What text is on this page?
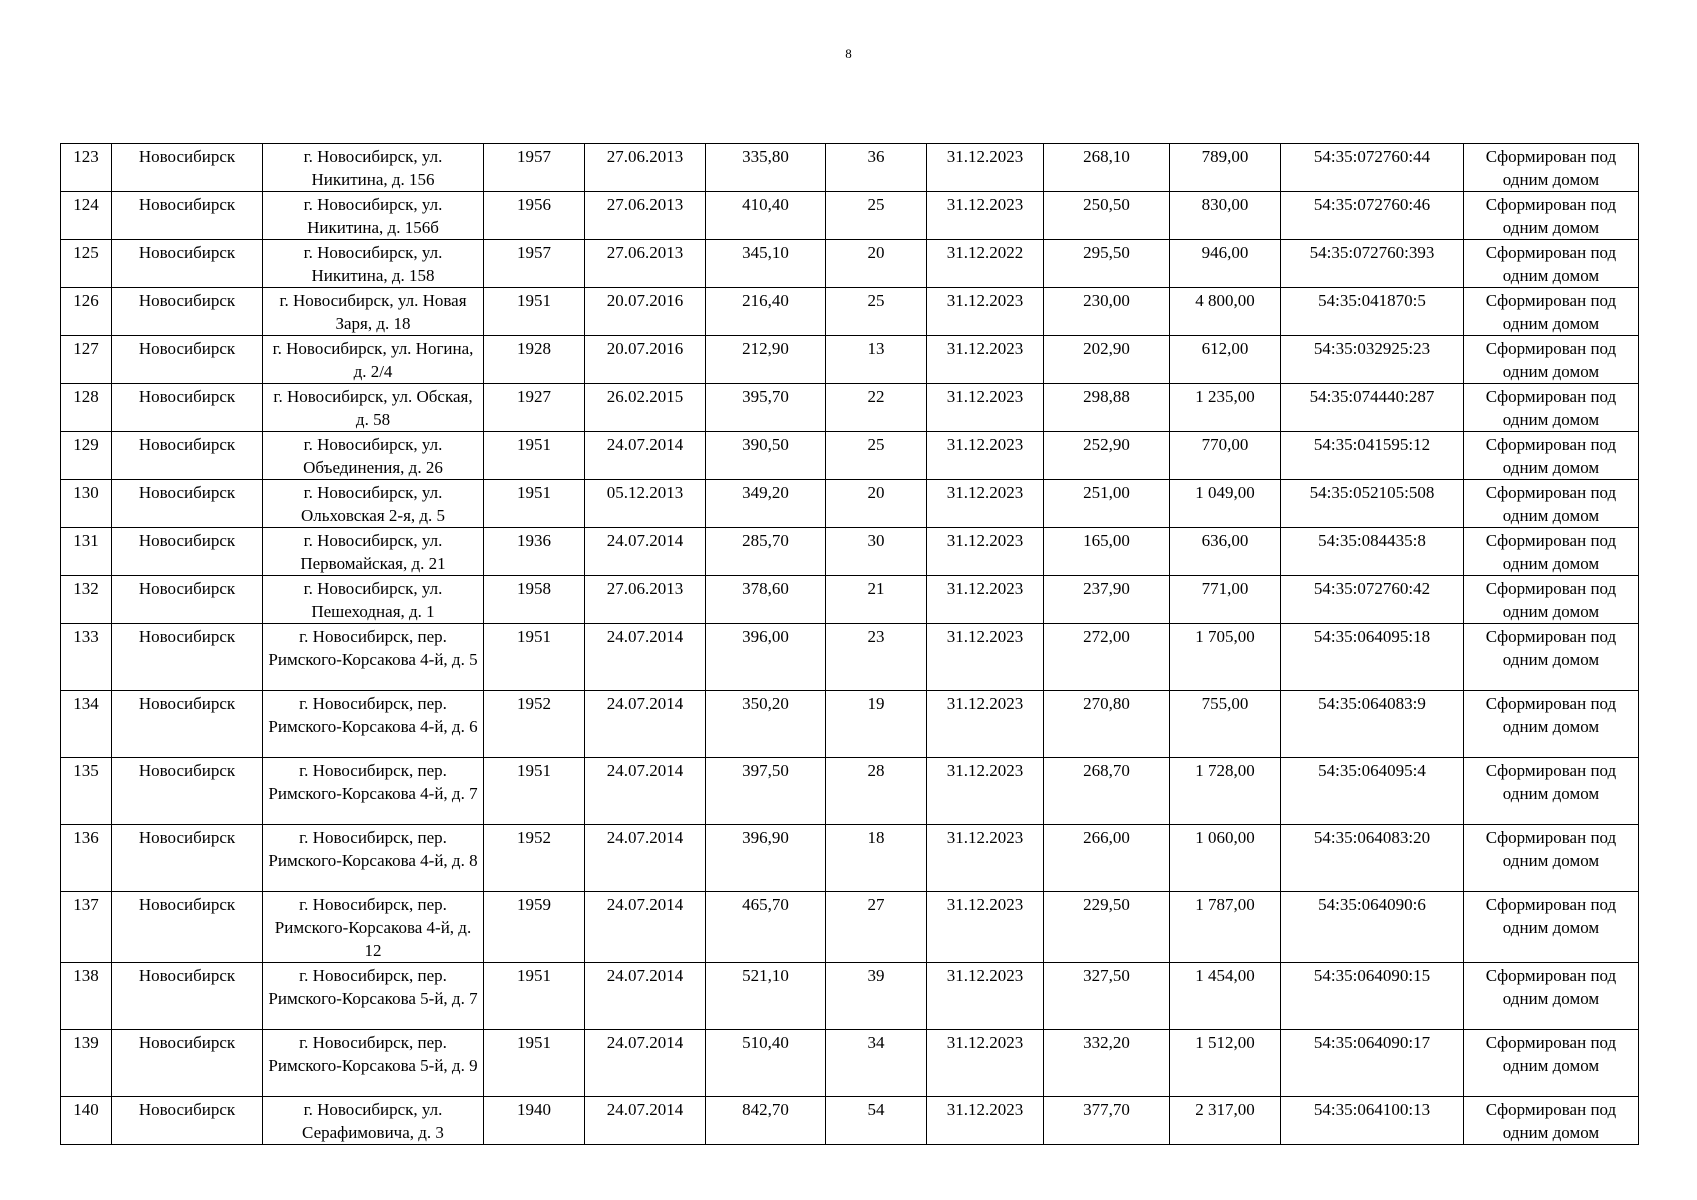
8
123	Новосибирск	г. Новосибирск, ул. Никитина, д. 156	1957	27.06.2013	335,80	36	31.12.2023	268,10	789,00	54:35:072760:44	Сформирован под одним домом
124	Новосибирск	г. Новосибирск, ул. Никитина, д. 156б	1956	27.06.2013	410,40	25	31.12.2023	250,50	830,00	54:35:072760:46	Сформирован под одним домом
125	Новосибирск	г. Новосибирск, ул. Никитина, д. 158	1957	27.06.2013	345,10	20	31.12.2022	295,50	946,00	54:35:072760:393	Сформирован под одним домом
126	Новосибирск	г. Новосибирск, ул. Новая Заря, д. 18	1951	20.07.2016	216,40	25	31.12.2023	230,00	4 800,00	54:35:041870:5	Сформирован под одним домом
127	Новосибирск	г. Новосибирск, ул. Ногина, д. 2/4	1928	20.07.2016	212,90	13	31.12.2023	202,90	612,00	54:35:032925:23	Сформирован под одним домом
128	Новосибирск	г. Новосибирск, ул. Обская, д. 58	1927	26.02.2015	395,70	22	31.12.2023	298,88	1 235,00	54:35:074440:287	Сформирован под одним домом
129	Новосибирск	г. Новосибирск, ул. Объединения, д. 26	1951	24.07.2014	390,50	25	31.12.2023	252,90	770,00	54:35:041595:12	Сформирован под одним домом
130	Новосибирск	г. Новосибирск, ул. Ольховская 2-я, д. 5	1951	05.12.2013	349,20	20	31.12.2023	251,00	1 049,00	54:35:052105:508	Сформирован под одним домом
131	Новосибирск	г. Новосибирск, ул. Первомайская, д. 21	1936	24.07.2014	285,70	30	31.12.2023	165,00	636,00	54:35:084435:8	Сформирован под одним домом
132	Новосибирск	г. Новосибирск, ул. Пешеходная, д. 1	1958	27.06.2013	378,60	21	31.12.2023	237,90	771,00	54:35:072760:42	Сформирован под одним домом
133	Новосибирск	г. Новосибирск, пер. Римского-Корсакова 4-й, д. 5	1951	24.07.2014	396,00	23	31.12.2023	272,00	1 705,00	54:35:064095:18	Сформирован под одним домом
134	Новосибирск	г. Новосибирск, пер. Римского-Корсакова 4-й, д. 6	1952	24.07.2014	350,20	19	31.12.2023	270,80	755,00	54:35:064083:9	Сформирован под одним домом
135	Новосибирск	г. Новосибирск, пер. Римского-Корсакова 4-й, д. 7	1951	24.07.2014	397,50	28	31.12.2023	268,70	1 728,00	54:35:064095:4	Сформирован под одним домом
136	Новосибирск	г. Новосибирск, пер. Римского-Корсакова 4-й, д. 8	1952	24.07.2014	396,90	18	31.12.2023	266,00	1 060,00	54:35:064083:20	Сформирован под одним домом
137	Новосибирск	г. Новосибирск, пер. Римского-Корсакова 4-й, д. 12	1959	24.07.2014	465,70	27	31.12.2023	229,50	1 787,00	54:35:064090:6	Сформирован под одним домом
138	Новосибирск	г. Новосибирск, пер. Римского-Корсакова 5-й, д. 7	1951	24.07.2014	521,10	39	31.12.2023	327,50	1 454,00	54:35:064090:15	Сформирован под одним домом
139	Новосибирск	г. Новосибирск, пер. Римского-Корсакова 5-й, д. 9	1951	24.07.2014	510,40	34	31.12.2023	332,20	1 512,00	54:35:064090:17	Сформирован под одним домом
140	Новосибирск	г. Новосибирск, ул. Серафимовича, д. 3	1940	24.07.2014	842,70	54	31.12.2023	377,70	2 317,00	54:35:064100:13	Сформирован под одним домом
